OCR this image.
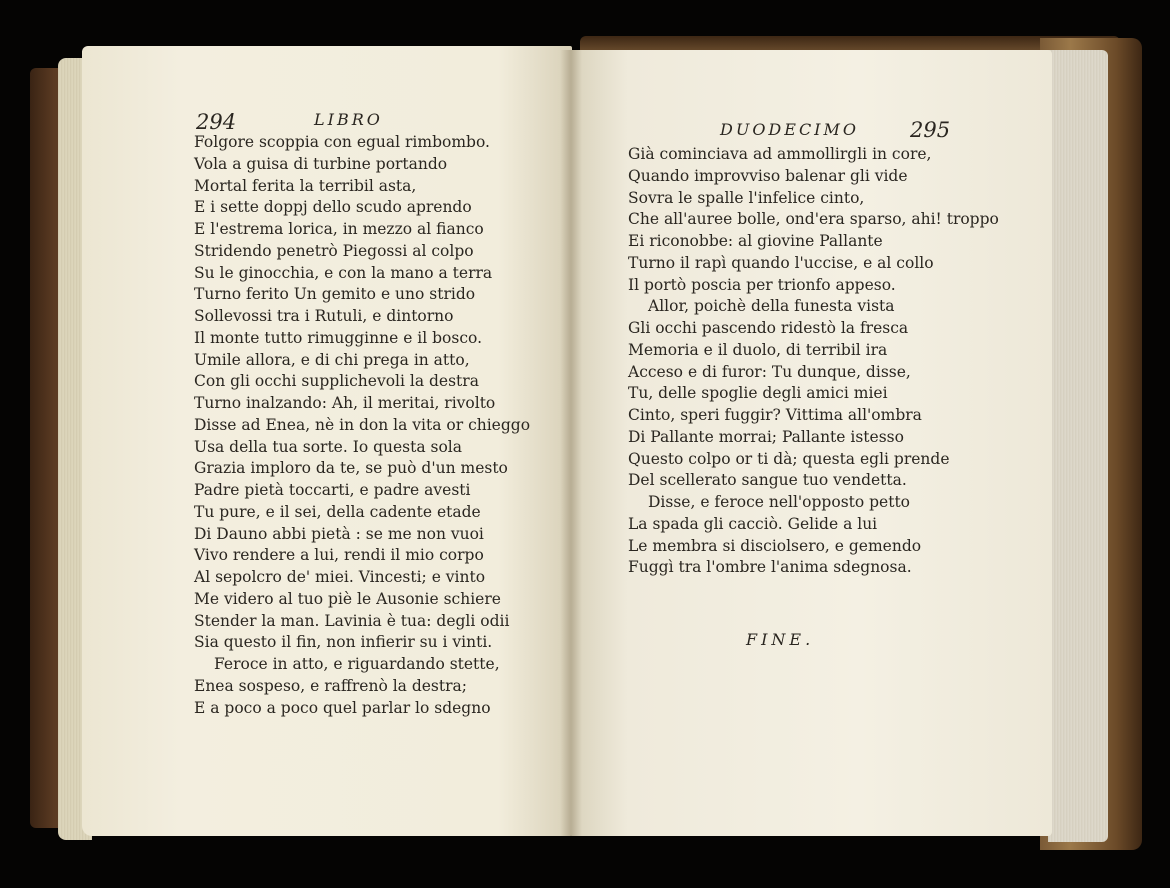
294	LIBRO
Folgore scoppia con egual rimbombo.
Vola a guisa di turbine portando
Mortal ferita la terribil asta,
E i sette doppj dello scudo aprendo
E l'estrema lorica, in mezzo al fianco
Stridendo penetrò Piegossi al colpo
Su le ginocchia, e con la mano a terra
Turno ferito Un gemito e uno strido
Sollevossi tra i Rutuli, e dintorno
Il monte tutto rimugginne e il bosco.
Umile allora, e di chi prega in atto,
Con gli occhi supplichevoli la destra
Turno inalzando: Ah, il meritai, rivolto
Disse ad Enea, nè in don la vita or chieggo
Usa della tua sorte. Io questa sola
Grazia imploro da te, se può d'un mesto
Padre pietà toccarti, e padre avesti
Tu pure, e il sei, della cadente etade
Di Dauno abbi pietà : se me non vuoi
Vivo rendere a lui, rendi il mio corpo
Al sepolcro de' miei. Vincesti; e vinto
Me videro al tuo piè le Ausonie schiere
Stender la man. Lavinia è tua: degli odii
Sia questo il fin, non infierir su i vinti.
Feroce in atto, e riguardando stette,
Enea sospeso, e raffrenò la destra;
E a poco a poco quel parlar lo sdegno
DUODECIMO 295
Già cominciava ad ammollirgli in core,
Quando improvviso balenar gli vide
Sovra le spalle l'infelice cinto,
Che all'auree bolle, ond'era sparso, ahi! troppo
Ei riconobbe: al giovine Pallante
Turno il rapì quando l'uccise, e al collo
Il portò poscia per trionfo appeso.
Allor, poichè della funesta vista
Gli occhi pascendo ridestò la fresca
Memoria e il duolo, di terribil ira
Acceso e di furor: Tu dunque, disse,
Tu, delle spoglie degli amici miei
Cinto, speri fuggir? Vittima all'ombra
Di Pallante morrai; Pallante istesso
Questo colpo or ti dà; questa egli prende
Del scellerato sangue tuo vendetta.
Disse, e feroce nell'opposto petto
La spada gli cacciò. Gelide a lui
Le membra si disciolsero, e gemendo
Fuggì tra l'ombre l'anima sdegnosa.
FINE.
